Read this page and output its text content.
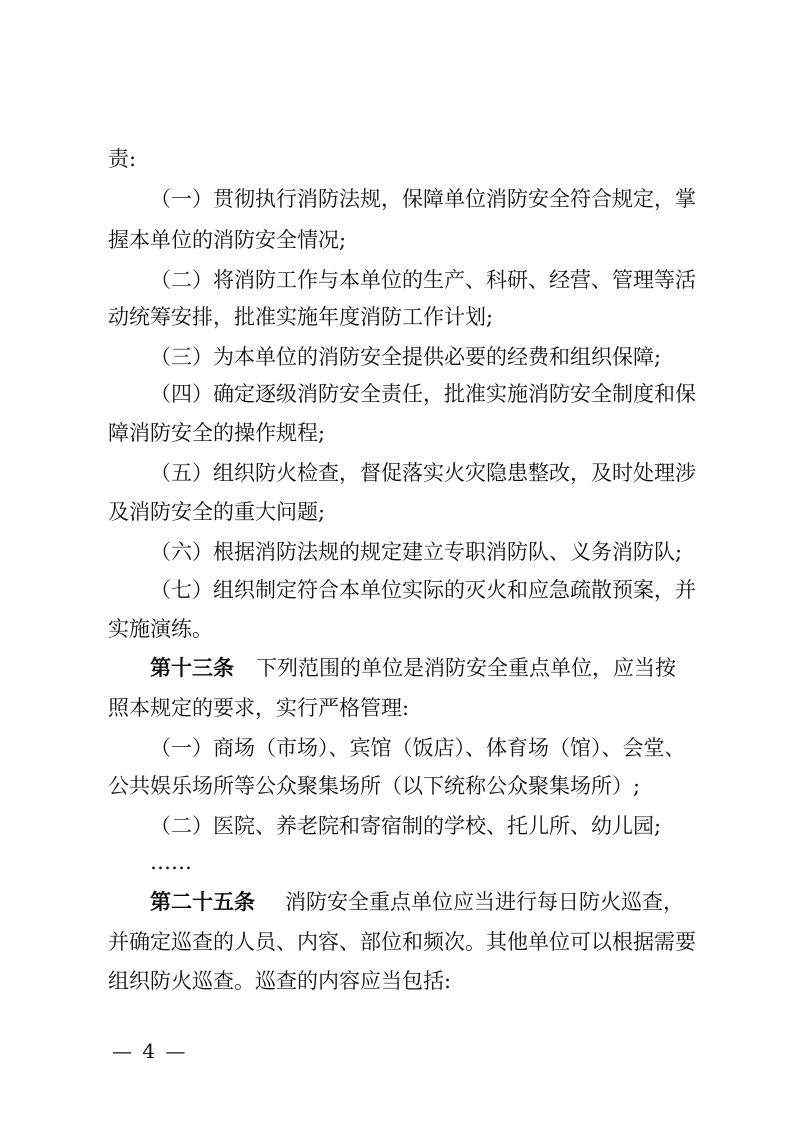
责:
（一）贯彻执行消防法规，保障单位消防安全符合规定，掌
握本单位的消防安全情况;
（二）将消防工作与本单位的生产、科研、经营、管理等活
动统筹安排，批准实施年度消防工作计划;
（三）为本单位的消防安全提供必要的经费和组织保障;
（四）确定逐级消防安全责任，批准实施消防安全制度和保
障消防安全的操作规程;
（五）组织防火检查，督促落实火灾隐患整改，及时处理涉
及消防安全的重大问题;
（六）根据消防法规的规定建立专职消防队、义务消防队;
（七）组织制定符合本单位实际的灭火和应急疏散预案，并
实施演练。
第十三条 下列范围的单位是消防安全重点单位，应当按
照本规定的要求，实行严格管理:
（一）商场（市场）、宾馆（饭店）、体育场（馆）、会堂、
公共娱乐场所等公众聚集场所（以下统称公众聚集场所）;
（二）医院、养老院和寄宿制的学校、托儿所、幼儿园;
……
第二十五条 消防安全重点单位应当进行每日防火巡查，
并确定巡查的人员、内容、部位和频次。其他单位可以根据需要
组织防火巡查。巡查的内容应当包括:
— 4 —
